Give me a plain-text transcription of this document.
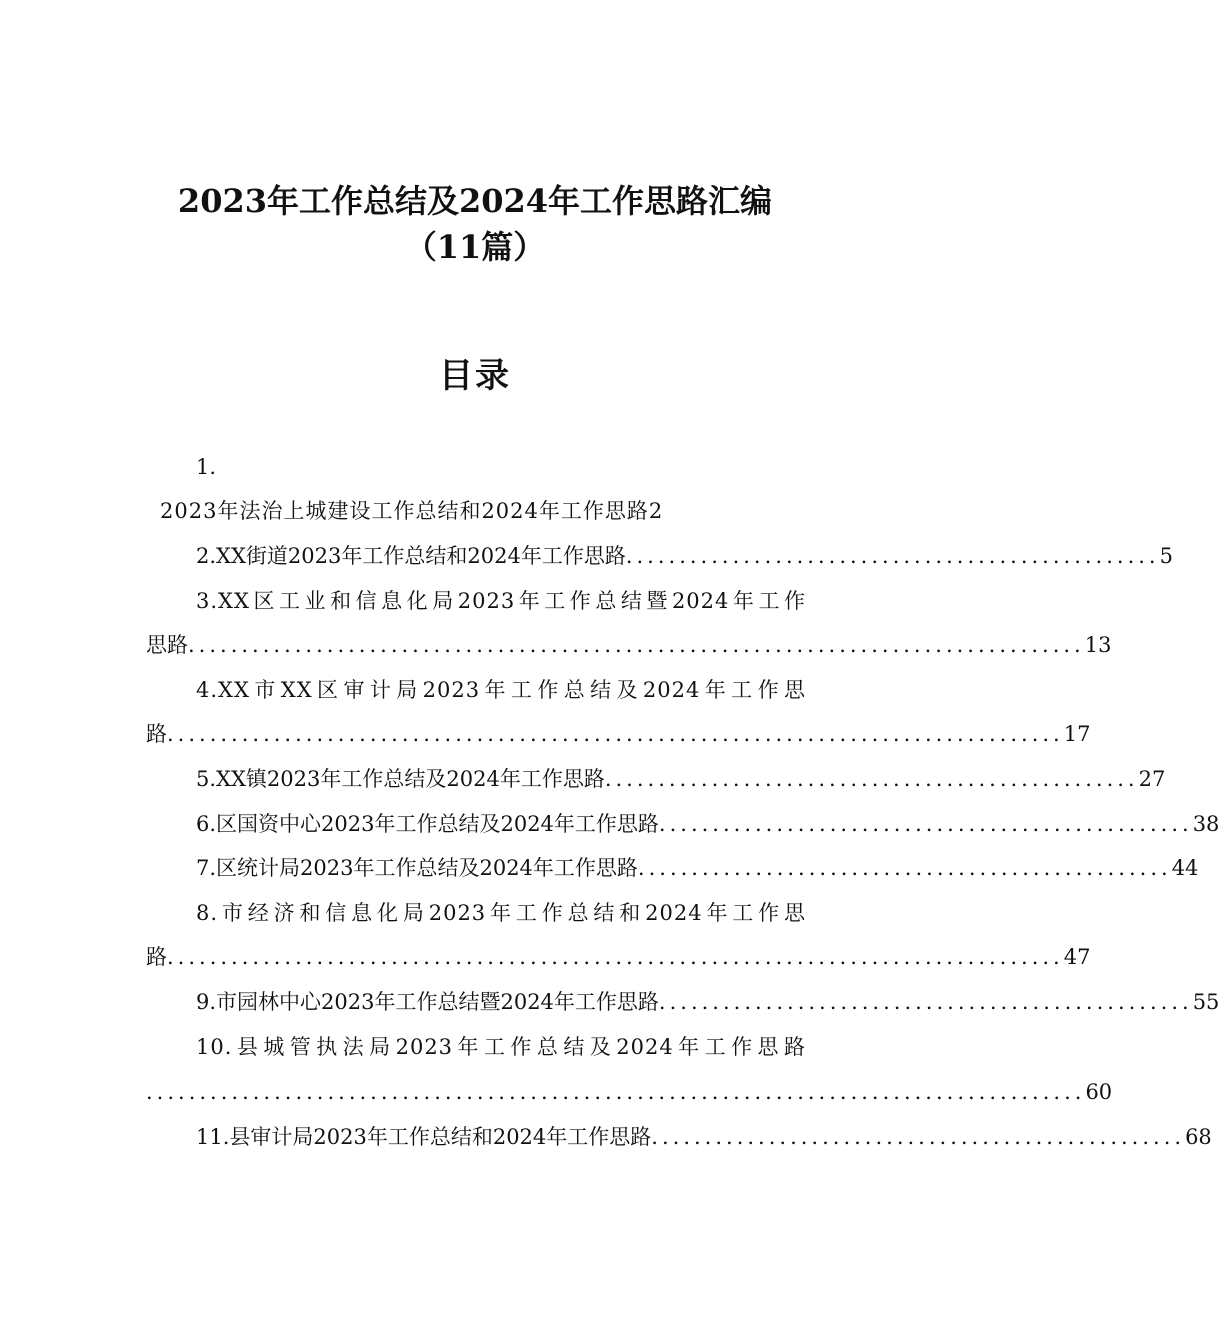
2023年工作总结及2024年工作思路汇编
（11篇）
目录
1.
2023年法治上城建设工作总结和2024年工作思路2
2.XX街道2023年工作总结和2024年工作思路 .................................................. 5
3.XX区工业和信息化局2023年工作总结暨2024年工作
思路 .................................................................................... 13
4.XX市XX区审计局2023年工作总结及2024年工作思
路 .................................................................................... 17
5.XX镇2023年工作总结及2024年工作思路 .................................................. 27
6.区国资中心2023年工作总结及2024年工作思路 .................................................. 38
7.区统计局2023年工作总结及2024年工作思路 .................................................. 44
8.市经济和信息化局2023年工作总结和2024年工作思
路 .................................................................................... 47
9.市园林中心2023年工作总结暨2024年工作思路 .................................................. 55
10.县城管执法局2023年工作总结及2024年工作思路
........................................................................................ 60
11.县审计局2023年工作总结和2024年工作思路 .................................................. 68
